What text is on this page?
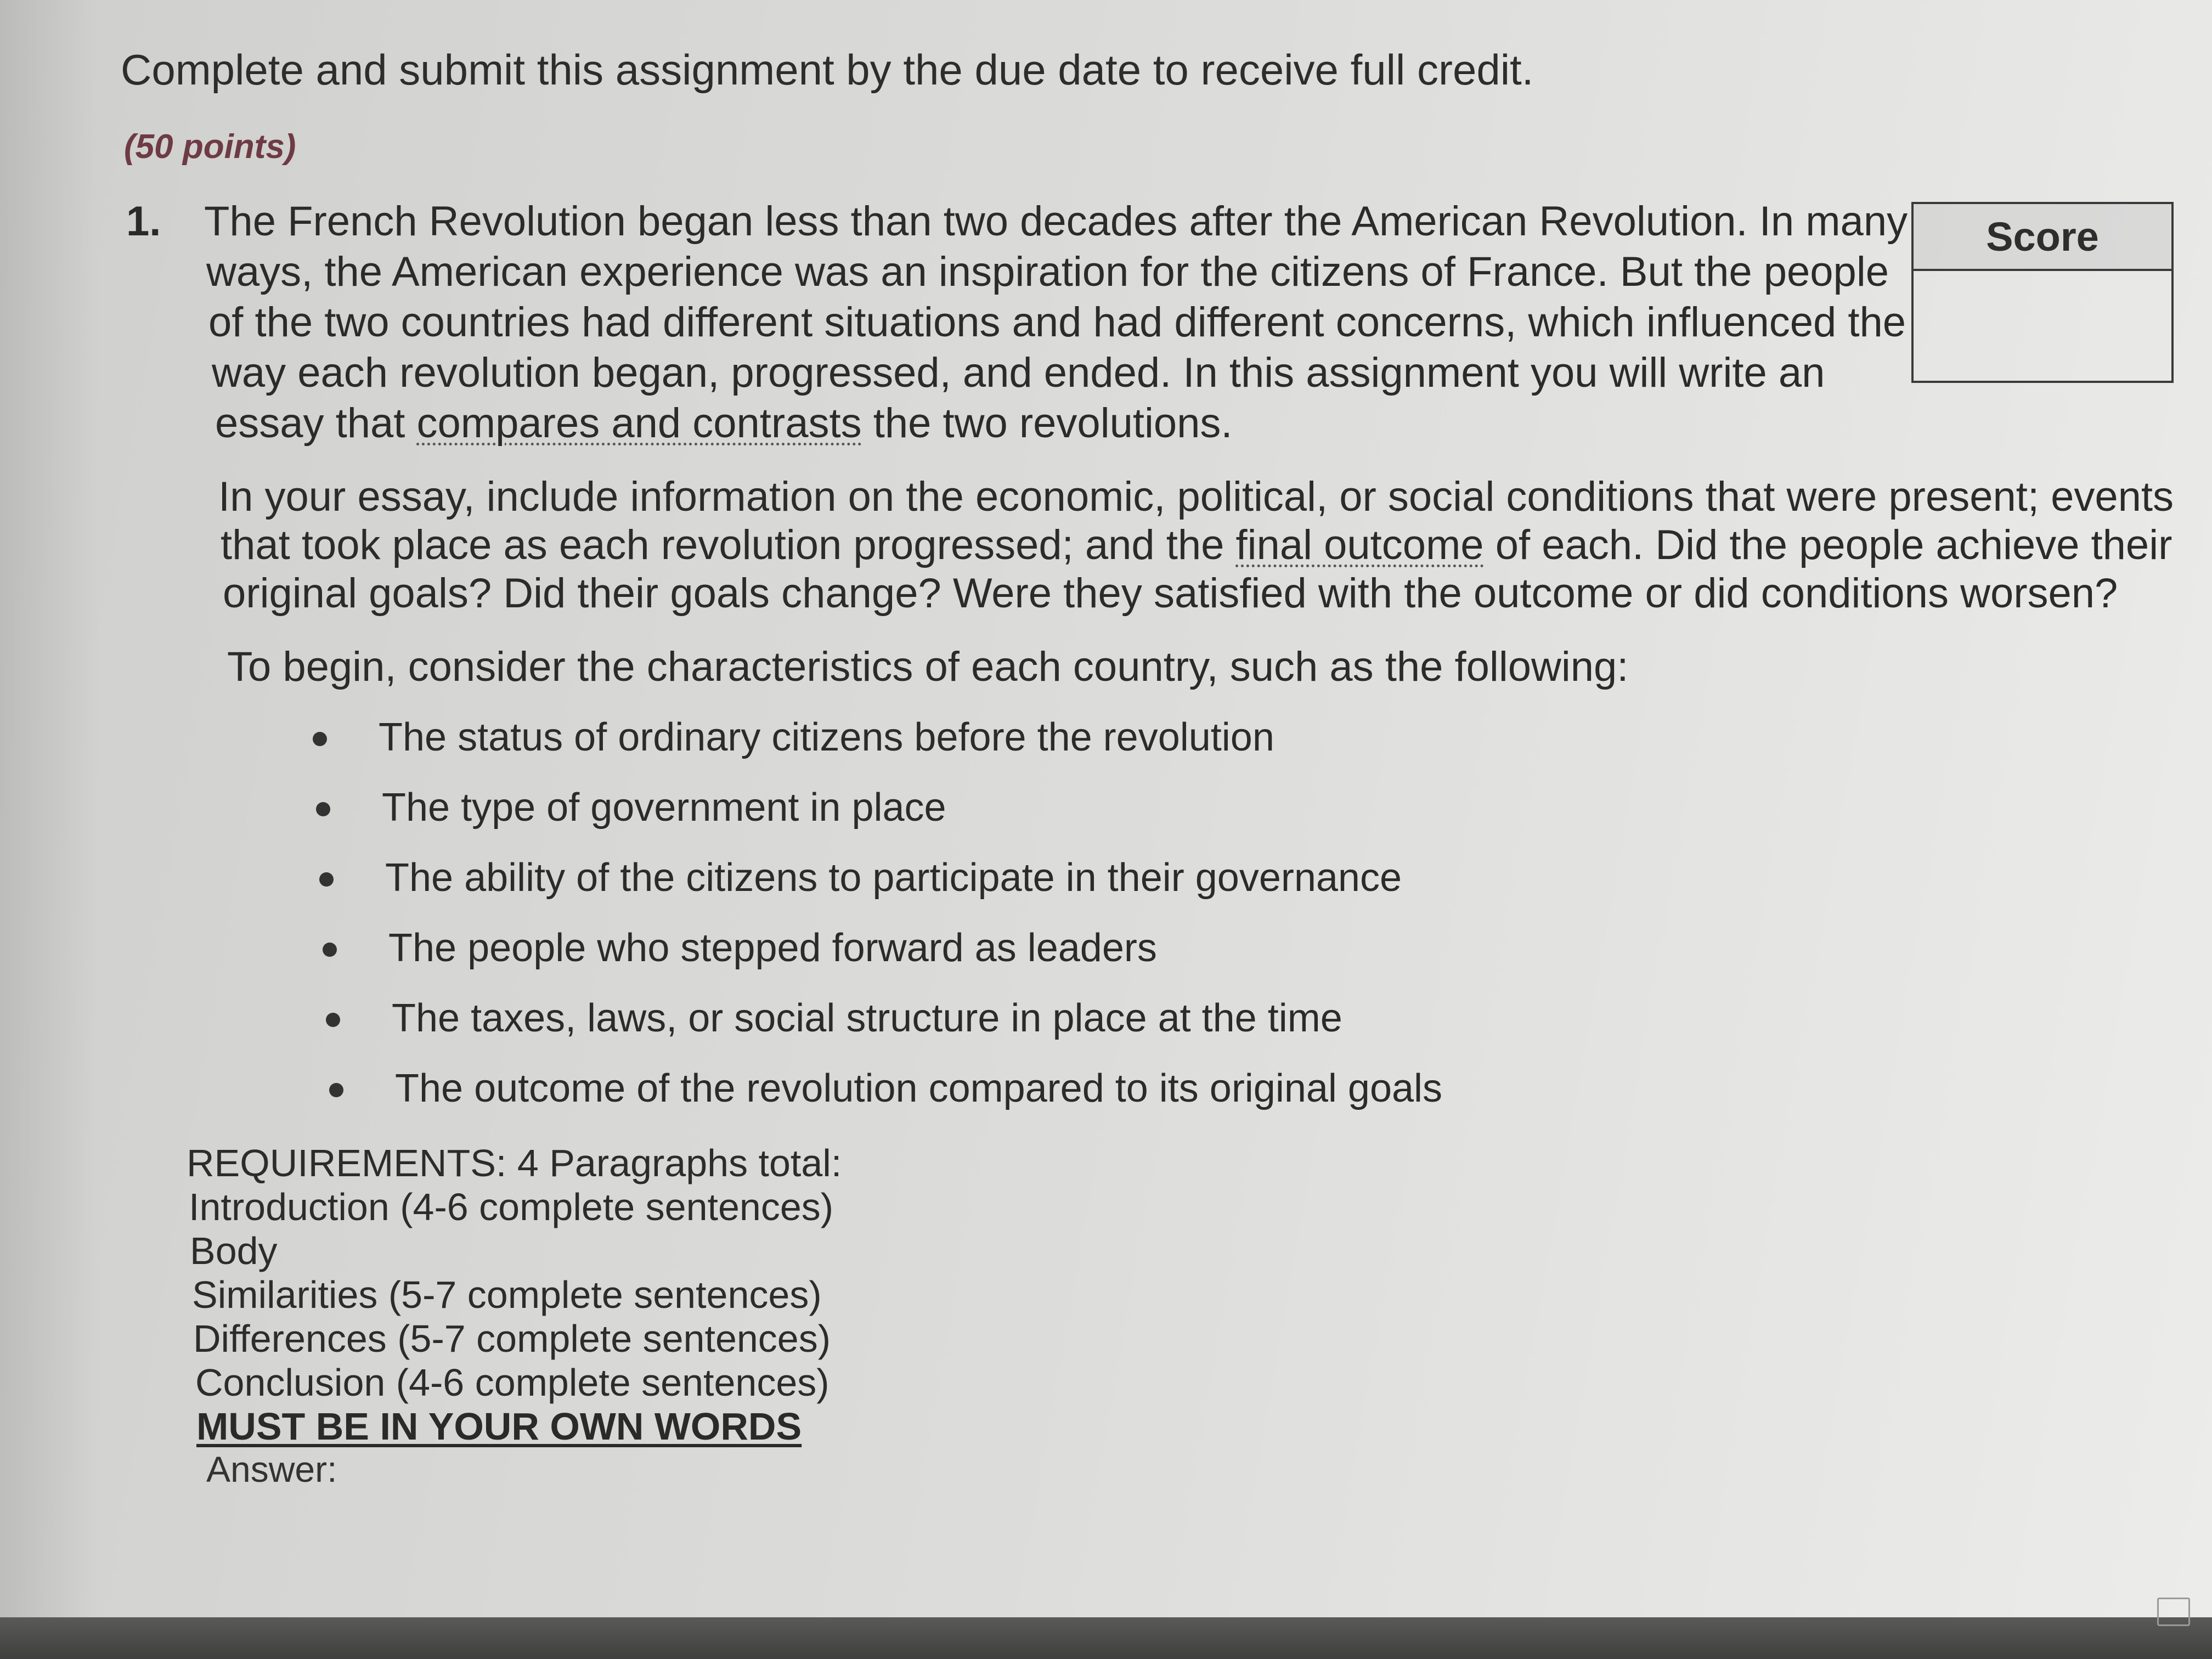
Complete and submit this assignment by the due date to receive full credit.
(50 points)
1. The French Revolution began less than two decades after the American Revolution. In many
ways, the American experience was an inspiration for the citizens of France. But the people
of the two countries had different situations and had different concerns, which influenced the
way each revolution began, progressed, and ended. In this assignment you will write an
essay that compares and contrasts the two revolutions.
Score
In your essay, include information on the economic, political, or social conditions that were present; events
that took place as each revolution progressed; and the final outcome of each. Did the people achieve their
original goals? Did their goals change? Were they satisfied with the outcome or did conditions worsen?
To begin, consider the characteristics of each country, such as the following:
The status of ordinary citizens before the revolution
The type of government in place
The ability of the citizens to participate in their governance
The people who stepped forward as leaders
The taxes, laws, or social structure in place at the time
The outcome of the revolution compared to its original goals
REQUIREMENTS: 4 Paragraphs total:
Introduction (4-6 complete sentences)
Body
Similarities (5-7 complete sentences)
Differences (5-7 complete sentences)
Conclusion (4-6 complete sentences)
MUST BE IN YOUR OWN WORDS
Answer:
